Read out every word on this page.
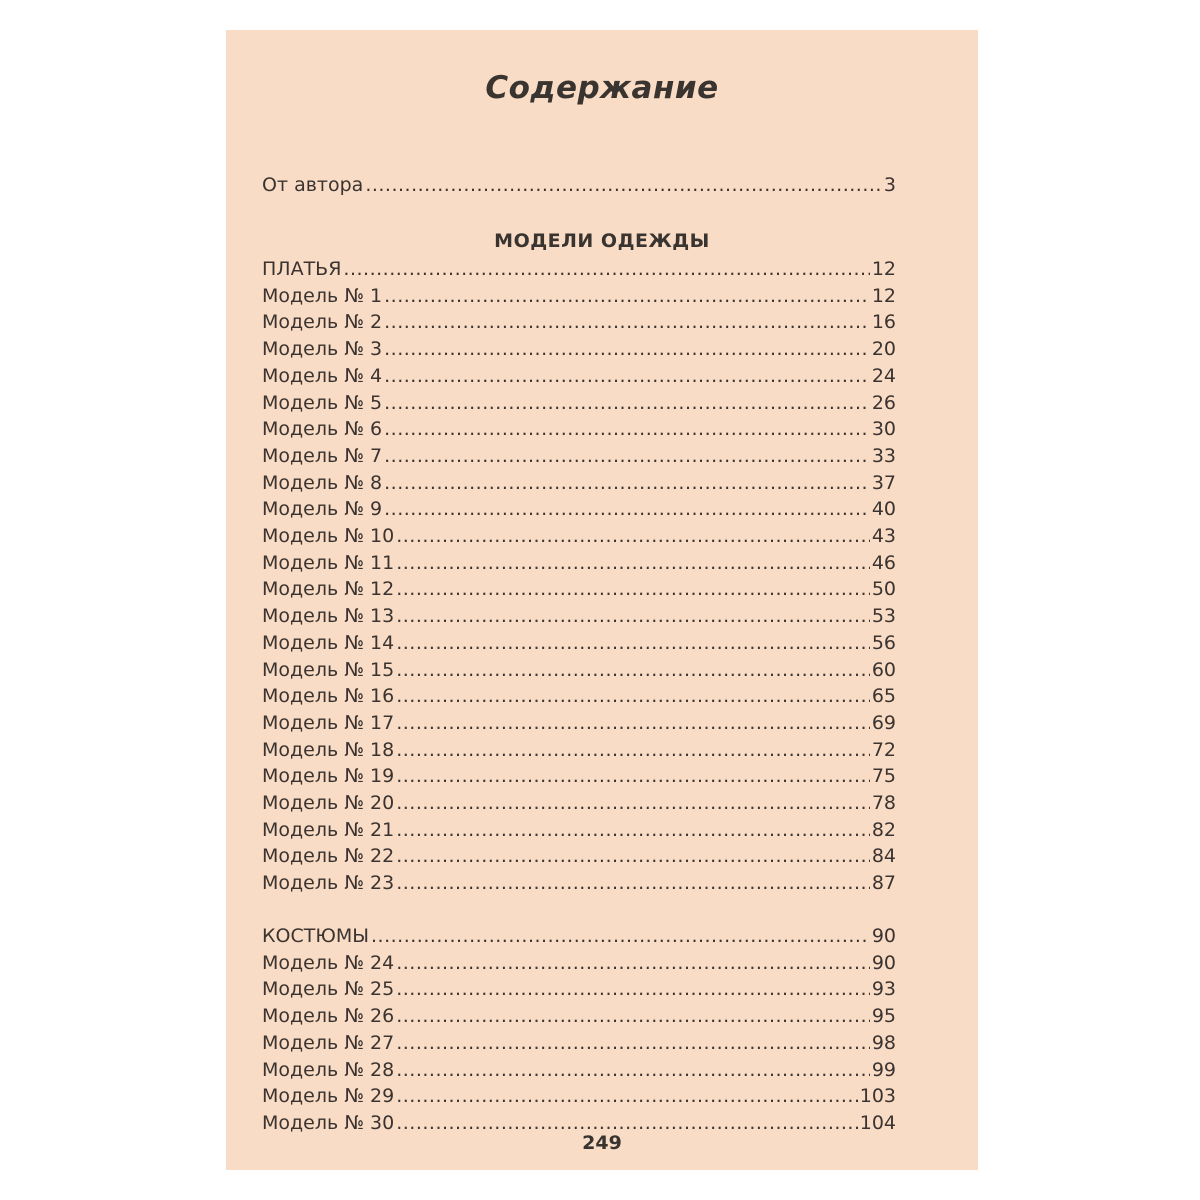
Содержание
От автора .....	3
МОДЕЛИ ОДЕЖДЫ
ПЛАТЬЯ .....	12
Модель № 1 .....	12
Модель № 2 .....	16
Модель № 3 .....	20
Модель № 4 .....	24
Модель № 5 .....	26
Модель № 6 .....	30
Модель № 7 .....	33
Модель № 8 .....	37
Модель № 9 .....	40
Модель № 10 .....	43
Модель № 11 .....	46
Модель № 12 .....	50
Модель № 13 .....	53
Модель № 14 .....	56
Модель № 15 .....	60
Модель № 16 .....	65
Модель № 17 .....	69
Модель № 18 .....	72
Модель № 19 .....	75
Модель № 20 .....	78
Модель № 21 .....	82
Модель № 22 .....	84
Модель № 23 .....	87
КОСТЮМЫ .....	90
Модель № 24 .....	90
Модель № 25 .....	93
Модель № 26 .....	95
Модель № 27 .....	98
Модель № 28 .....	99
Модель № 29 .....	103
Модель № 30 .....	104
249
